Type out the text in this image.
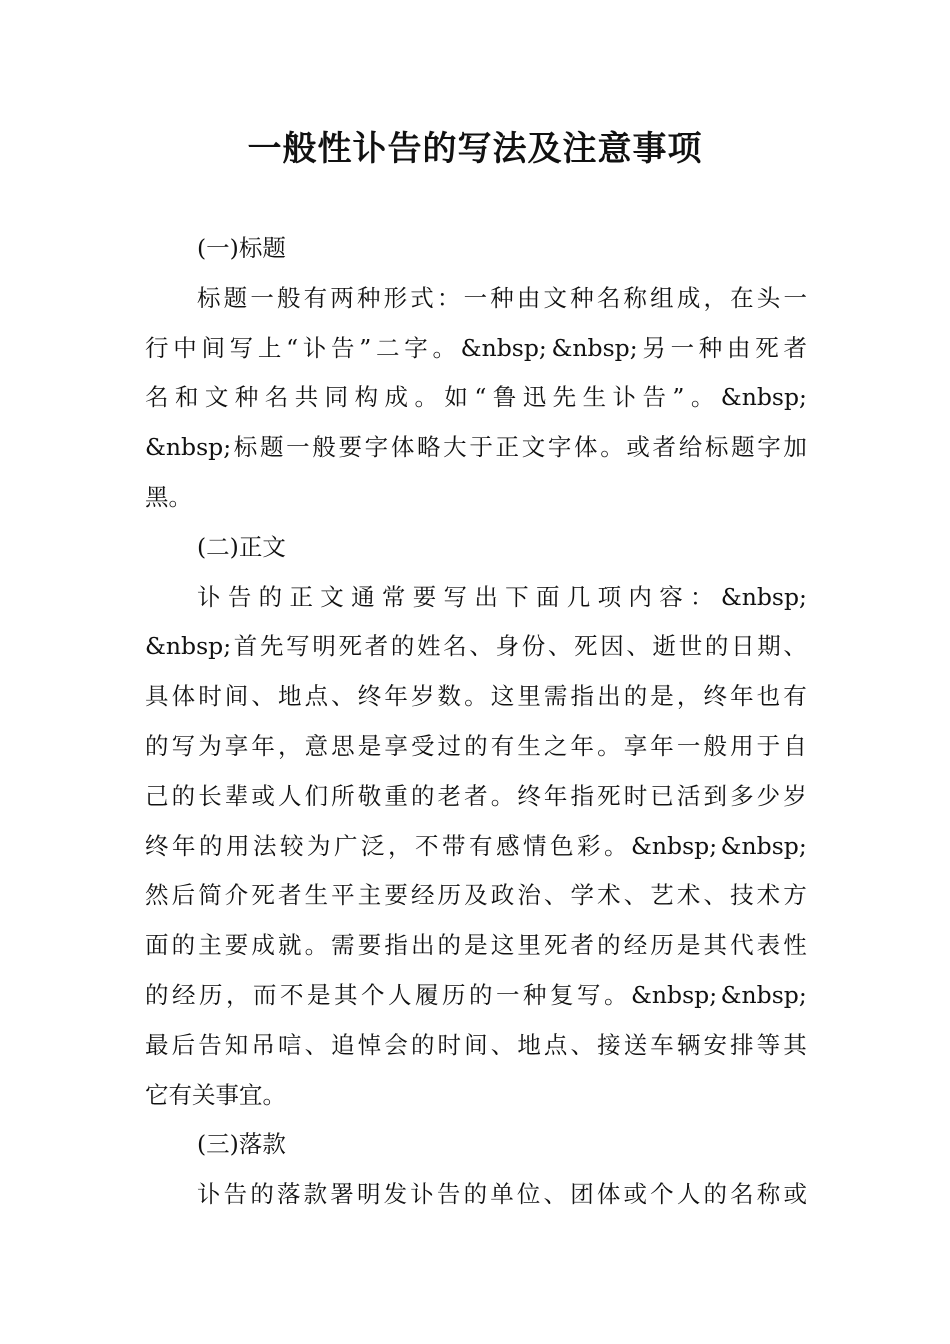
一般性讣告的写法及注意事项
(一)标题
标 题 一 般 有 两 种 形 式 ： 一 种 由 文 种 名 称 组 成 ， 在 头 一
行 中 间 写 上 “ 讣 告 ” 二 字 。 &nbsp; &nbsp; 另 一 种 由 死 者
名 和 文 种 名 共 同 构 成 。 如 “ 鲁 迅 先 生 讣 告 ” 。 &nbsp;
&nbsp; 标 题 一 般 要 字 体 略 大 于 正 文 字 体 。 或 者 给 标 题 字 加
黑。
(二)正文
讣 告 的 正 文 通 常 要 写 出 下 面 几 项 内 容 ： &nbsp;
&nbsp; 首 先 写 明 死 者 的 姓 名 、 身 份 、 死 因 、 逝 世 的 日 期 、
具 体 时 间 、 地 点 、 终 年 岁 数 。 这 里 需 指 出 的 是 ， 终 年 也 有
的 写 为 享 年 ， 意 思 是 享 受 过 的 有 生 之 年 。 享 年 一 般 用 于 自
己 的 长 辈 或 人 们 所 敬 重 的 老 者 。 终 年 指 死 时 已 活 到 多 少 岁
终 年 的 用 法 较 为 广 泛 ， 不 带 有 感 情 色 彩 。 &nbsp; &nbsp;
然 后 简 介 死 者 生 平 主 要 经 历 及 政 治 、 学 术 、 艺 术 、 技 术 方
面 的 主 要 成 就 。 需 要 指 出 的 是 这 里 死 者 的 经 历 是 其 代 表 性
的 经 历 ， 而 不 是 其 个 人 履 历 的 一 种 复 写 。 &nbsp; &nbsp;
最 后 告 知 吊 唁 、 追 悼 会 的 时 间 、 地 点 、 接 送 车 辆 安 排 等 其
它有关事宜。
(三)落款
讣 告 的 落 款 署 明 发 讣 告 的 单 位 、 团 体 或 个 人 的 名 称 或
